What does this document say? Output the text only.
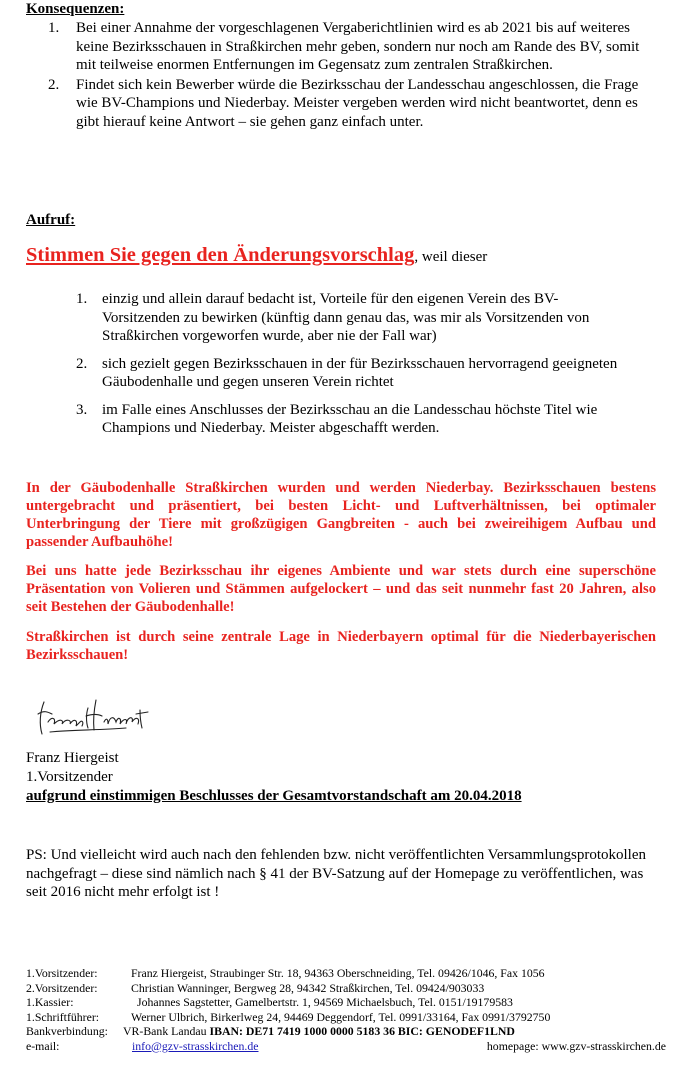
Konsequenzen:
1. Bei einer Annahme der vorgeschlagenen Vergaberichtlinien wird es ab 2021 bis auf weiteres keine Bezirksschauen in Straßkirchen mehr geben, sondern nur noch am Rande des BV, somit mit teilweise enormen Entfernungen im Gegensatz zum zentralen Straßkirchen.
2. Findet sich kein Bewerber würde die Bezirksschau der Landesschau angeschlossen, die Frage wie BV-Champions und Niederbay. Meister vergeben werden wird nicht beantwortet, denn es gibt hierauf keine Antwort – sie gehen ganz einfach unter.
Aufruf:
Stimmen Sie gegen den Änderungsvorschlag, weil dieser
1. einzig und allein darauf bedacht ist, Vorteile für den eigenen Verein des BV-Vorsitzenden zu bewirken (künftig dann genau das, was mir als Vorsitzenden von Straßkirchen vorgeworfen wurde, aber nie der Fall war)
2. sich gezielt gegen Bezirksschauen in der für Bezirksschauen hervorragend geeigneten Gäubodenhalle und gegen unseren Verein richtet
3. im Falle eines Anschlusses der Bezirksschau an die Landesschau höchste Titel wie Champions und Niederbay. Meister abgeschafft werden.
In der Gäubodenhalle Straßkirchen wurden und werden Niederbay. Bezirksschauen bestens untergebracht und präsentiert, bei besten Licht- und Luftverhältnissen, bei optimaler Unterbringung der Tiere mit großzügigen Gangbreiten - auch bei zweireihigem Aufbau und passender Aufbauhöhe!
Bei uns hatte jede Bezirksschau ihr eigenes Ambiente und war stets durch eine superschöne Präsentation von Volieren und Stämmen aufgelockert – und das seit nunmehr fast 20 Jahren, also seit Bestehen der Gäubodenhalle!
Straßkirchen ist durch seine zentrale Lage in Niederbayern optimal für die Niederbayerischen Bezirksschauen!
Franz Hiergeist
1.Vorsitzender
aufgrund einstimmigen Beschlusses der Gesamtvorstandschaft am 20.04.2018
PS: Und vielleicht wird auch nach den fehlenden bzw. nicht veröffentlichten Versammlungsprotokollen nachgefragt – diese sind nämlich nach § 41 der BV-Satzung auf der Homepage zu veröffentlichen, was seit 2016 nicht mehr erfolgt ist !
1.Vorsitzender:	Franz Hiergeist, Straubinger Str. 18, 94363 Oberschneiding, Tel. 09426/1046, Fax 1056
2.Vorsitzender:	Christian Wanninger, Bergweg 28, 94342 Straßkirchen, Tel. 09424/903033
1.Kassier:	Johannes Sagstetter, Gamelbertstr. 1, 94569 Michaelsbuch, Tel. 0151/19179583
1.Schriftführer:	Werner Ulbrich, Birkerlweg 24, 94469 Deggendorf, Tel. 0991/33164, Fax 0991/3792750
Bankverbindung: VR-Bank Landau IBAN: DE71 7419 1000 0000 5183 36 BIC: GENODEF1LND
e-mail:	info@gzv-strasskirchen.de	homepage: www.gzv-strasskirchen.de
